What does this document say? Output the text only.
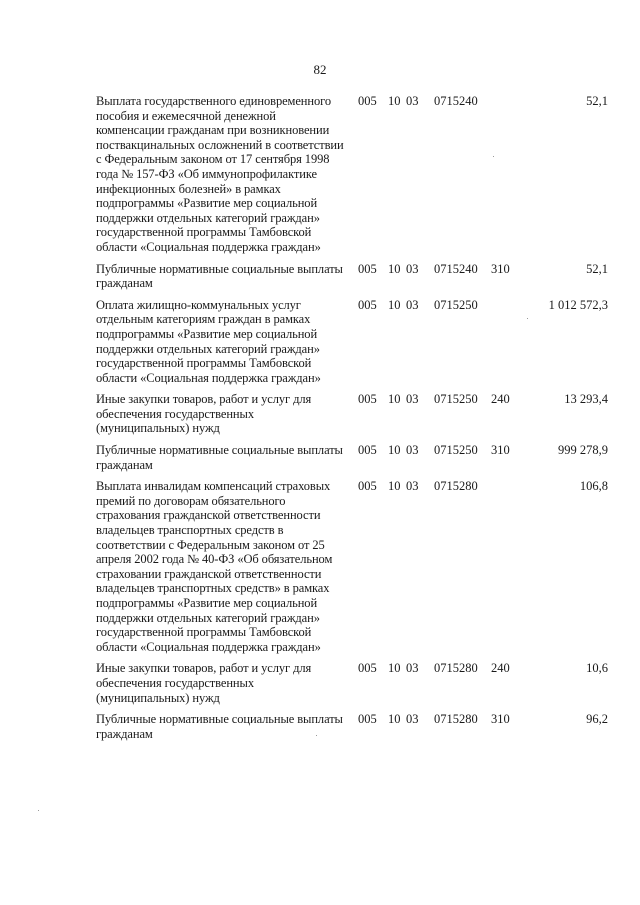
82
Выплата государственного единовременного пособия и ежемесячной денежной компенсации гражданам при возникновении поствакцинальных осложнений в соответствии с Федеральным законом от 17 сентября 1998 года № 157-ФЗ «Об иммунопрофилактике инфекционных болезней» в рамках подпрограммы «Развитие мер социальной поддержки отдельных категорий граждан» государственной программы Тамбовской области «Социальная поддержка граждан»
005 10 03 0715240	52,1
Публичные нормативные социальные выплаты гражданам
005 10 03 0715240 310	52,1
Оплата жилищно-коммунальных услуг отдельным категориям граждан в рамках подпрограммы «Развитие мер социальной поддержки отдельных категорий граждан» государственной программы Тамбовской области «Социальная поддержка граждан»
005 10 03 0715250	1 012 572,3
Иные закупки товаров, работ и услуг для обеспечения государственных (муниципальных) нужд
005 10 03 0715250 240	13 293,4
Публичные нормативные социальные выплаты гражданам
005 10 03 0715250 310	999 278,9
Выплата инвалидам компенсаций страховых премий по договорам обязательного страхования гражданской ответственности владельцев транспортных средств в соответствии с Федеральным законом от 25 апреля 2002 года № 40-ФЗ «Об обязательном страховании гражданской ответственности владельцев транспортных средств» в рамках подпрограммы «Развитие мер социальной поддержки отдельных категорий граждан» государственной программы Тамбовской области «Социальная поддержка граждан»
005 10 03 0715280	106,8
Иные закупки товаров, работ и услуг для обеспечения государственных (муниципальных) нужд
005 10 03 0715280 240	10,6
Публичные нормативные социальные выплаты гражданам
005 10 03 0715280 310	96,2
